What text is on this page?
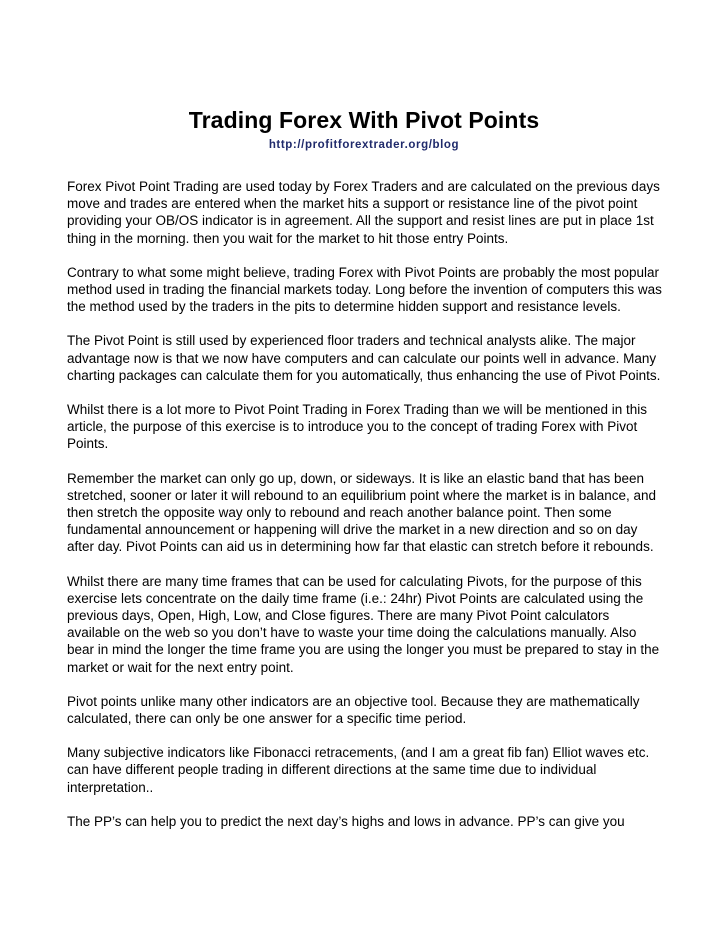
Trading Forex With Pivot Points
http://profitforextrader.org/blog

Forex Pivot Point Trading are used today by Forex Traders and are calculated on the previous days move and trades are entered when the market hits a support or resistance line of the pivot point providing your OB/OS indicator is in agreement. All the support and resist lines are put in place 1st thing in the morning. then you wait for the market to hit those entry Points.

Contrary to what some might believe, trading Forex with Pivot Points are probably the most popular method used in trading the financial markets today. Long before the invention of computers this was the method used by the traders in the pits to determine hidden support and resistance levels.

The Pivot Point is still used by experienced floor traders and technical analysts alike. The major advantage now is that we now have computers and can calculate our points well in advance. Many charting packages can calculate them for you automatically, thus enhancing the use of Pivot Points.

Whilst there is a lot more to Pivot Point Trading in Forex Trading than we will be mentioned in this article, the purpose of this exercise is to introduce you to the concept of trading Forex with Pivot Points.

Remember the market can only go up, down, or sideways. It is like an elastic band that has been stretched, sooner or later it will rebound to an equilibrium point where the market is in balance, and then stretch the opposite way only to rebound and reach another balance point. Then some fundamental announcement or happening will drive the market in a new direction and so on day after day. Pivot Points can aid us in determining how far that elastic can stretch before it rebounds.

Whilst there are many time frames that can be used for calculating Pivots, for the purpose of this exercise lets concentrate on the daily time frame (i.e.: 24hr) Pivot Points are calculated using the previous days, Open, High, Low, and Close figures. There are many Pivot Point calculators available on the web so you don’t have to waste your time doing the calculations manually. Also bear in mind the longer the time frame you are using the longer you must be prepared to stay in the market or wait for the next entry point.

Pivot points unlike many other indicators are an objective tool. Because they are mathematically calculated, there can only be one answer for a specific time period.

Many subjective indicators like Fibonacci retracements, (and I am a great fib fan) Elliot waves etc. can have different people trading in different directions at the same time due to individual interpretation..

The PP’s can help you to predict the next day’s highs and lows in advance. PP’s can give you
